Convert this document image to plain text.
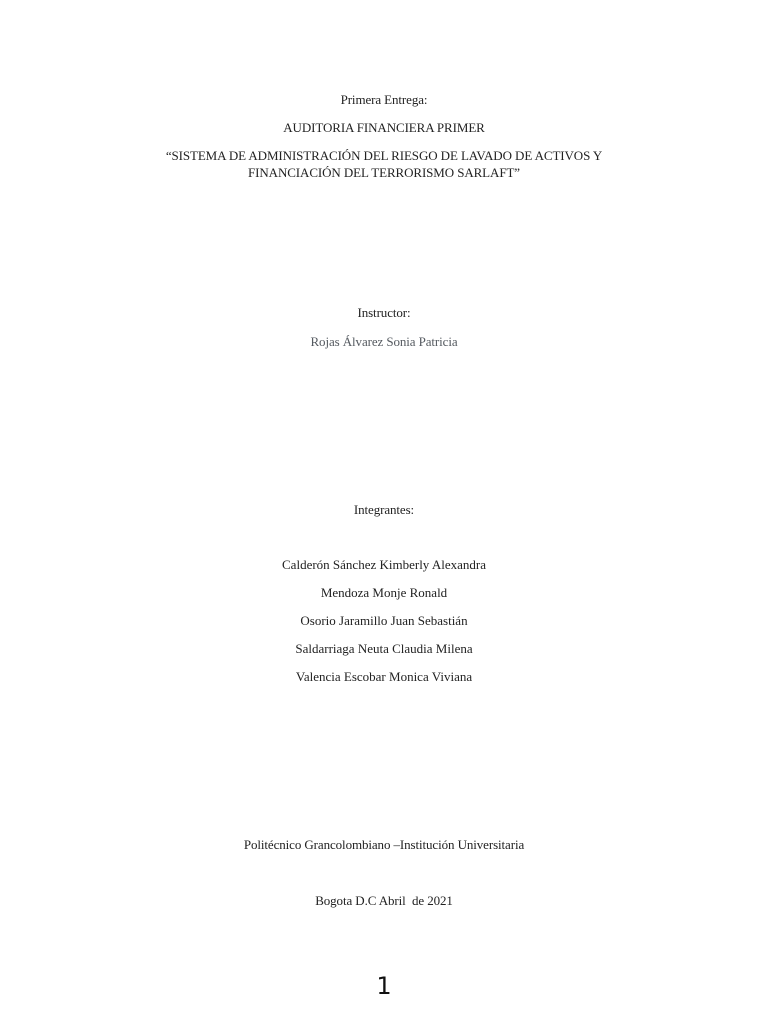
Primera Entrega:
AUDITORIA FINANCIERA PRIMER
“SISTEMA DE ADMINISTRACIÓN DEL RIESGO DE LAVADO DE ACTIVOS Y
FINANCIACIÓN DEL TERRORISMO SARLAFT”
Instructor:
Rojas Álvarez Sonia Patricia
Integrantes:
Calderón Sánchez Kimberly Alexandra
Mendoza Monje Ronald
Osorio Jaramillo Juan Sebastián
Saldarriaga Neuta Claudia Milena
Valencia Escobar Monica Viviana
Politécnico Grancolombiano –Institución Universitaria
Bogota D.C Abril  de 2021
1
